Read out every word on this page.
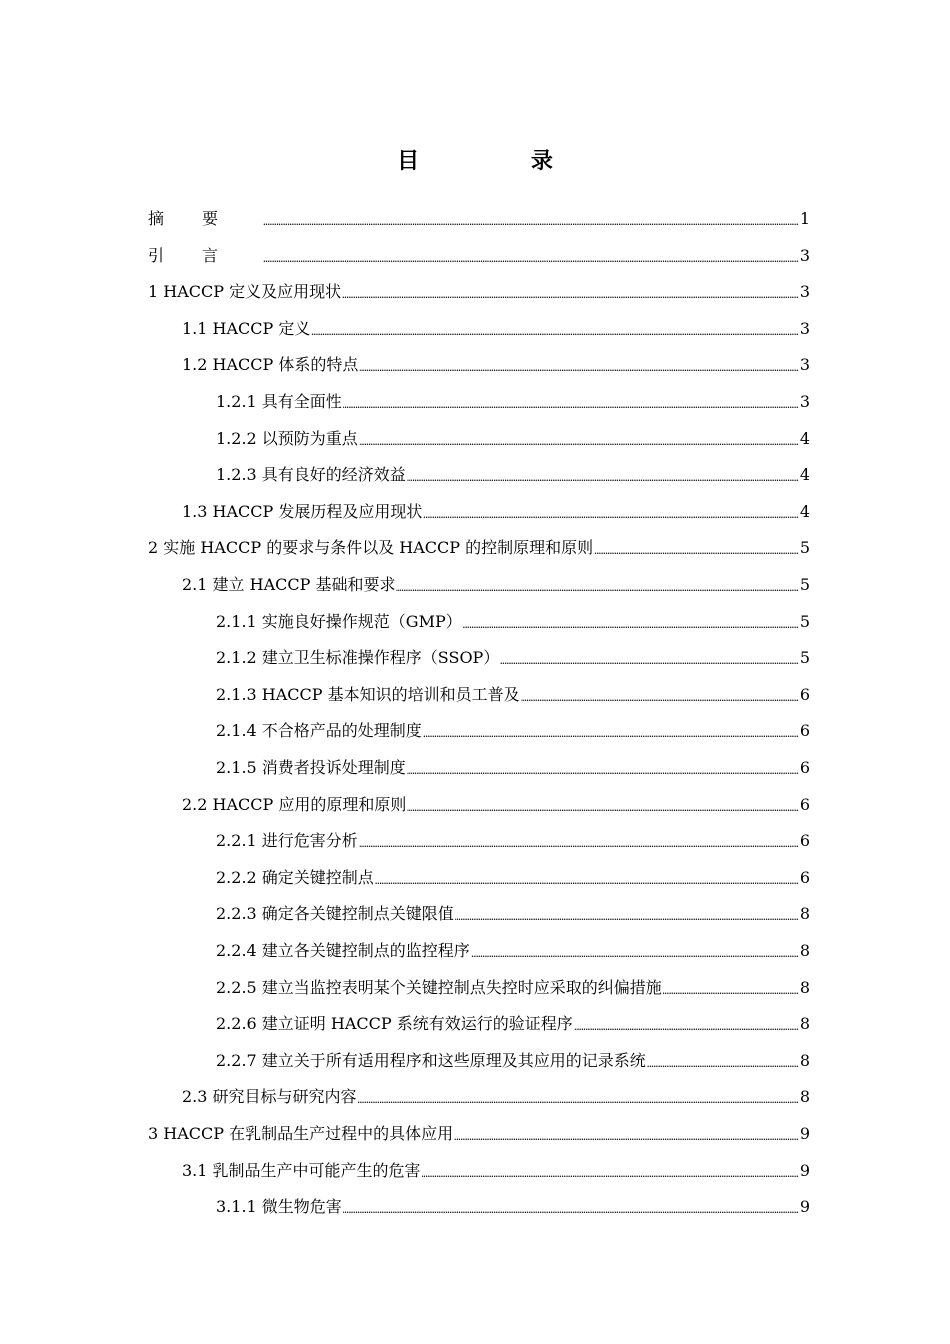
目 录
摘要 . . .	1
引言 . . .	3
1 HACCP 定义及应用现状 . . .	3
1.1 HACCP 定义 . . .	3
1.2 HACCP 体系的特点 . . .	3
1.2.1 具有全面性 . . .	3
1.2.2 以预防为重点 . . .	4
1.2.3 具有良好的经济效益 . . .	4
1.3 HACCP 发展历程及应用现状 . . .	4
2 实施 HACCP 的要求与条件以及 HACCP 的控制原理和原则 . . .	5
2.1 建立 HACCP 基础和要求 . . .	5
2.1.1 实施良好操作规范（GMP） . . .	5
2.1.2 建立卫生标准操作程序（SSOP） . . .	5
2.1.3 HACCP 基本知识的培训和员工普及 . . .	6
2.1.4 不合格产品的处理制度 . . .	6
2.1.5 消费者投诉处理制度 . . .	6
2.2 HACCP 应用的原理和原则 . . .	6
2.2.1 进行危害分析 . . .	6
2.2.2 确定关键控制点 . . .	6
2.2.3 确定各关键控制点关键限值 . . .	8
2.2.4 建立各关键控制点的监控程序 . . .	8
2.2.5 建立当监控表明某个关键控制点失控时应采取的纠偏措施 . . .	8
2.2.6 建立证明 HACCP 系统有效运行的验证程序 . . .	8
2.2.7 建立关于所有适用程序和这些原理及其应用的记录系统 . . .	8
2.3 研究目标与研究内容 . . .	8
3 HACCP 在乳制品生产过程中的具体应用 . . .	9
3.1 乳制品生产中可能产生的危害 . . .	9
3.1.1 微生物危害 . . .	9
